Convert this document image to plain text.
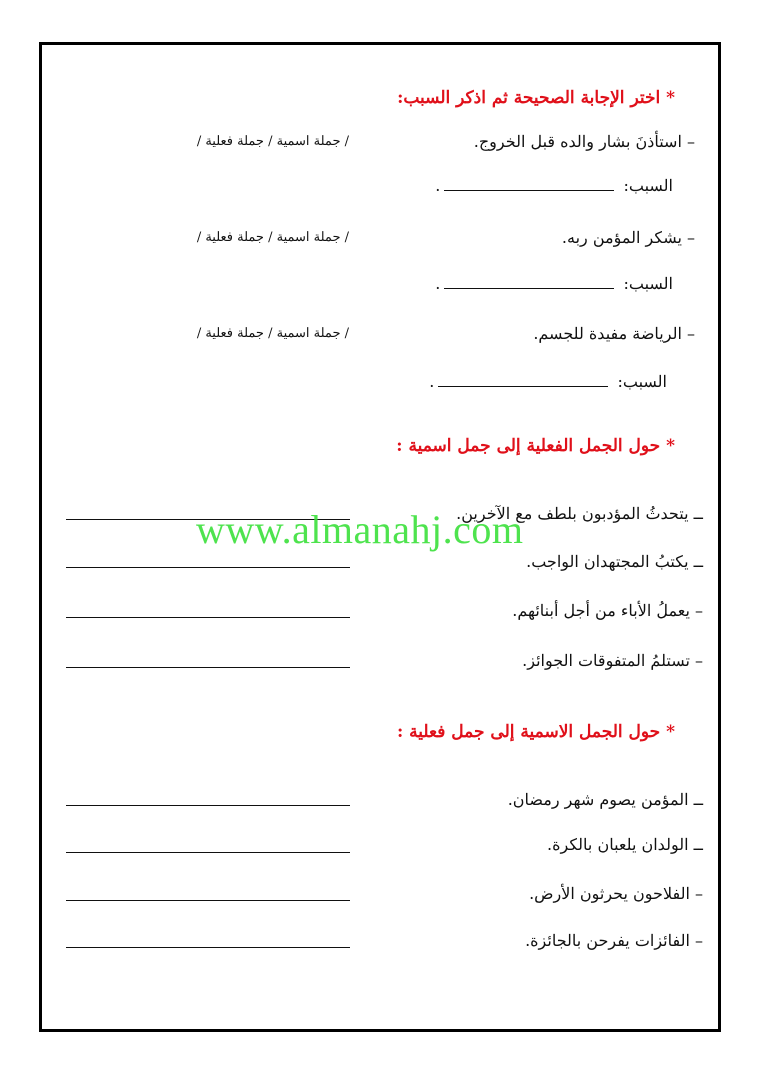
* اختر الإجابة الصحيحة ثم اذكر السبب:
– استأذنَ بشار والده قبل الخروج.
/ جملة اسمية / جملة فعلية /
السبب: .
– يشكر المؤمن ربه.
/ جملة اسمية / جملة فعلية /
السبب: .
– الرياضة مفيدة للجسم.
/ جملة اسمية / جملة فعلية /
السبب: .
* حول الجمل الفعلية إلى جمل اسمية :
ــ يتحدثُ المؤدبون بلطف مع الآخرين.
ــ يكتبُ المجتهدان الواجب.
– يعملُ الأباء من أجل أبنائهم.
– تستلمُ المتفوقات الجوائز.
* حول الجمل الاسمية إلى جمل فعلية :
ــ المؤمن يصوم شهر رمضان.
ــ الولدان يلعبان بالكرة.
– الفلاحون يحرثون الأرض.
– الفائزات يفرحن بالجائزة.
www.almanahj.com
